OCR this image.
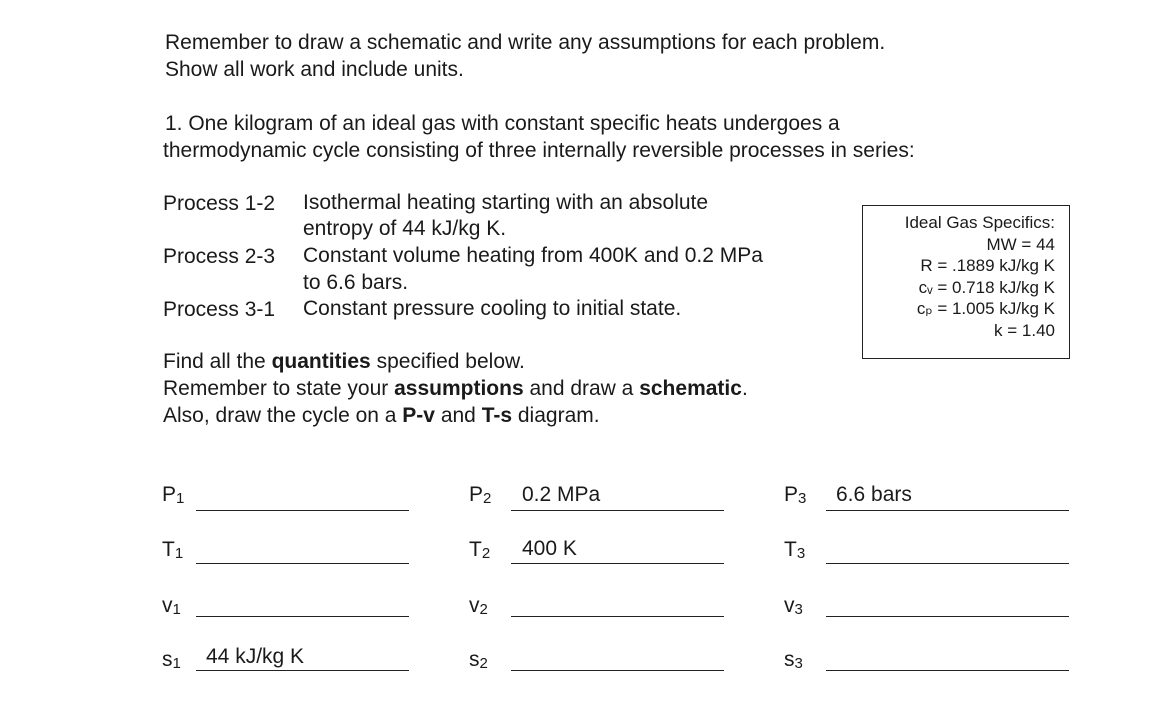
Remember to draw a schematic and write any assumptions for each problem.
Show all work and include units.
1. One kilogram of an ideal gas with constant specific heats undergoes a
thermodynamic cycle consisting of three internally reversible processes in series:
Process 1-2 Isothermal heating starting with an absolute
entropy of 44 kJ/kg K.
Process 2-3 Constant volume heating from 400K and 0.2 MPa
to 6.6 bars.
Process 3-1 Constant pressure cooling to initial state.
Ideal Gas Specifics:
MW = 44
R = .1889 kJ/kg K
cᵥ = 0.718 kJ/kg K
cₚ = 1.005 kJ/kg K
k = 1.40
Find all the quantities specified below.
Remember to state your assumptions and draw a schematic.
Also, draw the cycle on a P-v and T-s diagram.
$P_1$	$P_2$ 0.2 MPa	$P_3$ 6.6 bars
$T_1$	$T_2$ 400 K	$T_3$
$v_1$	$v_2$	$v_3$
$s_1$ 44 kJ/kg K	$s_2$	$s_3$
